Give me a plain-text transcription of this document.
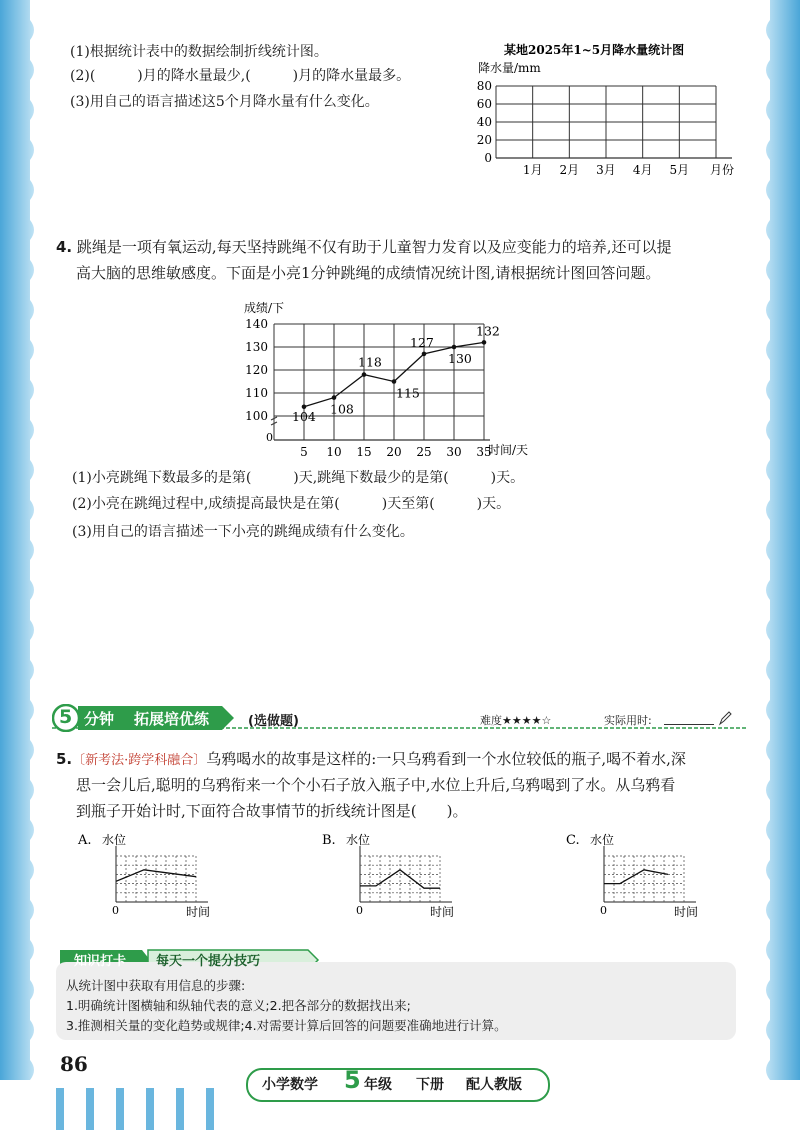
(1)根据统计表中的数据绘制折线统计图。
(2)(　　　)月的降水量最少,(　　　)月的降水量最多。
(3)用自己的语言描述这5个月降水量有什么变化。
某地2025年1~5月降水量统计图
降水量/mm
0
20
40
60
80
1月 2月 3月 4月 5月 月份
4. 跳绳是一项有氧运动,每天坚持跳绳不仅有助于儿童智力发育以及应变能力的培养,还可以提
高大脑的思维敏感度。下面是小亮1分钟跳绳的成绩情况统计图,请根据统计图回答问题。
成绩/下
100
110
120
130
140
5 10 15 20 25 30 35
104 108
118
115
127
130
132
0
时间/天
(1)小亮跳绳下数最多的是第(　　　)天,跳绳下数最少的是第(　　　)天。
(2)小亮在跳绳过程中,成绩提高最快是在第(　　　)天至第(　　　)天。
(3)用自己的语言描述一下小亮的跳绳成绩有什么变化。
5 分钟 拓展培优练	(选做题)	难度★★★★☆	实际用时:
5.〔新考法·跨学科融合〕乌鸦喝水的故事是这样的:一只乌鸦看到一个水位较低的瓶子,喝不着水,深
思一会儿后,聪明的乌鸦衔来一个个小石子放入瓶子中,水位上升后,乌鸦喝到了水。从乌鸦看
到瓶子开始计时,下面符合故事情节的折线统计图是(　　)。
A. 水位
0	时间
B. 水位
0	时间
C. 水位
0	时间
知识打卡 每天一个提分技巧
从统计图中获取有用信息的步骤:
1.明确统计图横轴和纵轴代表的意义;2.把各部分的数据找出来;
3.推测相关量的变化趋势或规律;4.对需要计算后回答的问题要准确地进行计算。
86
小学数学 5 年级 下册 配人教版
